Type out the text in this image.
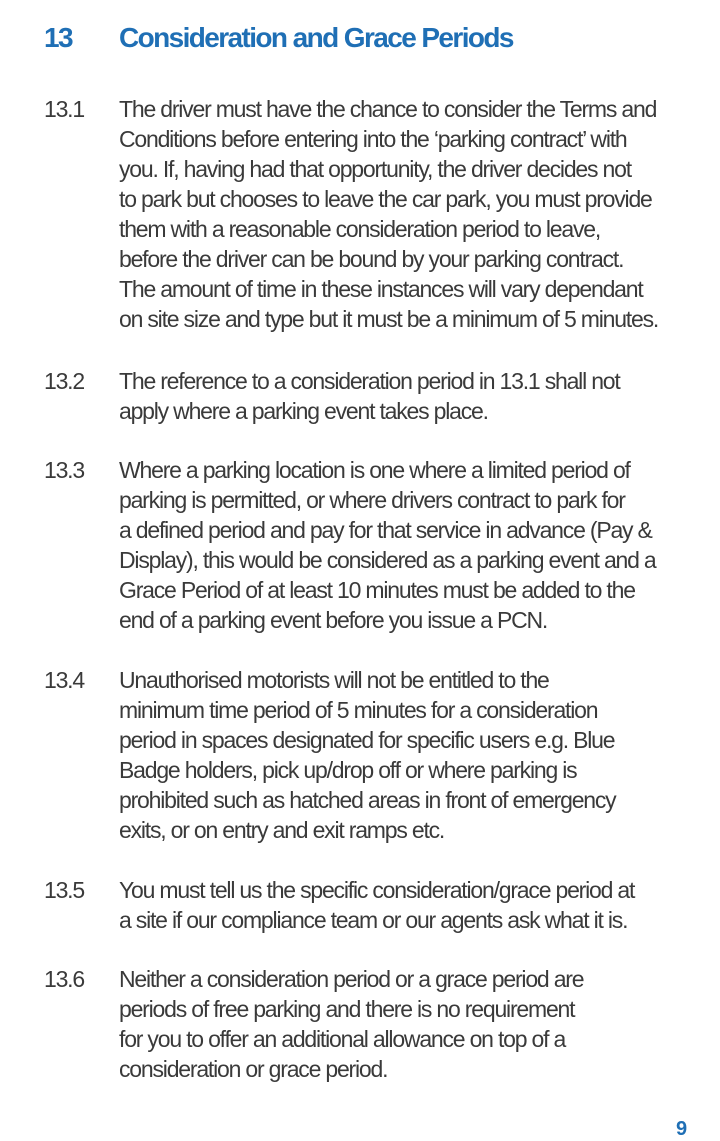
13 Consideration and Grace Periods
13.1 The driver must have the chance to consider the Terms and
Conditions before entering into the ‘parking contract’ with
you. If, having had that opportunity, the driver decides not
to park but chooses to leave the car park, you must provide
them with a reasonable consideration period to leave,
before the driver can be bound by your parking contract.
The amount of time in these instances will vary dependant
on site size and type but it must be a minimum of 5 minutes.
13.2 The reference to a consideration period in 13.1 shall not
apply where a parking event takes place.
13.3 Where a parking location is one where a limited period of
parking is permitted, or where drivers contract to park for
a defined period and pay for that service in advance (Pay &
Display), this would be considered as a parking event and a
Grace Period of at least 10 minutes must be added to the
end of a parking event before you issue a PCN.
13.4 Unauthorised motorists will not be entitled to the
minimum time period of 5 minutes for a consideration
period in spaces designated for specific users e.g. Blue
Badge holders, pick up/drop off or where parking is
prohibited such as hatched areas in front of emergency
exits, or on entry and exit ramps etc.
13.5 You must tell us the specific consideration/grace period at
a site if our compliance team or our agents ask what it is.
13.6 Neither a consideration period or a grace period are
periods of free parking and there is no requirement
for you to offer an additional allowance on top of a
consideration or grace period.
9
